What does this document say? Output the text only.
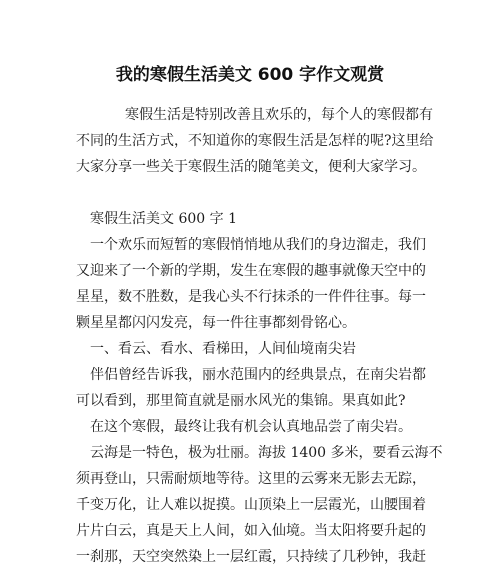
我的寒假生活美文 600 字作文观赏

寒假生活是特别改善且欢乐的，每个人的寒假都有

不同的生活方式，不知道你的寒假生活是怎样的呢?这里给

大家分享一些关于寒假生活的随笔美文，便利大家学习。

寒假生活美文 600 字 1

一个欢乐而短暂的寒假悄悄地从我们的身边溜走，我们

又迎来了一个新的学期，发生在寒假的趣事就像天空中的

星星，数不胜数，是我心头不行抹杀的一件件往事。每一

颗星星都闪闪发亮，每一件往事都刻骨铭心。

一、看云、看水、看梯田，人间仙境南尖岩

伴侣曾经告诉我，丽水范围内的经典景点，在南尖岩都

可以看到，那里简直就是丽水风光的集锦。果真如此?

在这个寒假，最终让我有机会认真地品尝了南尖岩。

云海是一特色，极为壮丽。海拔 1400 多米，要看云海不

须再登山，只需耐烦地等待。这里的云雾来无影去无踪，

千变万化，让人难以捉摸。山顶染上一层霞光，山腰围着

片片白云，真是天上人间，如入仙境。当太阳将要升起的

一刹那，天空突然染上一层红霞，只持续了几秒钟，我赶
